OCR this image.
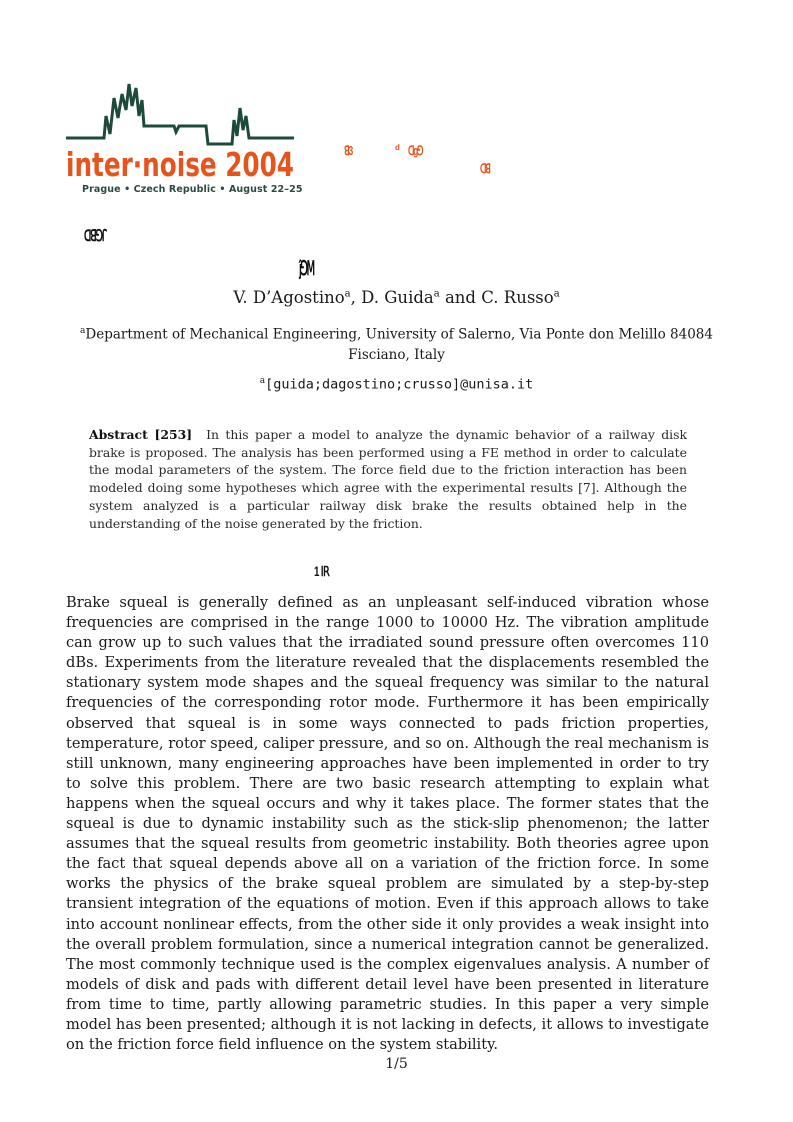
inter·noise 2004
Prague • Czech Republic • August 22–25
ꓭ3	d ꓷɡꓨ
ꓷꓭ
ꓷꓭꓨꓩ
ĵꓨꓟ
V. D’Agostino$^a$, D. Guida$^a$ and C. Russo$^a$
$^a$Department of Mechanical Engineering, University of Salerno, Via Ponte don Melillo 84084 Fisciano, Italy
$^a$[guida;dagostino;crusso]@unisa.it
Abstract [253] In this paper a model to analyze the dynamic behavior of a railway disk brake is proposed. The analysis has been performed using a FE method in order to calculate the modal parameters of the system. The force field due to the friction interaction has been modeled doing some hypotheses which agree with the experimental results [7]. Although the system analyzed is a particular railway disk brake the results obtained help in the understanding of the noise generated by the friction.
1 ꓲꓣ
Brake squeal is generally defined as an unpleasant self-induced vibration whose frequencies are comprised in the range 1000 to 10000 Hz. The vibration amplitude can grow up to such values that the irradiated sound pressure often overcomes 110 dBs. Experiments from the literature revealed that the displacements resembled the stationary system mode shapes and the squeal frequency was similar to the natural frequencies of the corresponding rotor mode. Furthermore it has been empirically observed that squeal is in some ways connected to pads friction properties, temperature, rotor speed, caliper pressure, and so on. Although the real mechanism is still unknown, many engineering approaches have been implemented in order to try to solve this problem. There are two basic research attempting to explain what happens when the squeal occurs and why it takes place. The former states that the squeal is due to dynamic instability such as the stick-slip phenomenon; the latter assumes that the squeal results from geometric instability. Both theories agree upon the fact that squeal depends above all on a variation of the friction force. In some works the physics of the brake squeal problem are simulated by a step-by-step transient integration of the equations of motion. Even if this approach allows to take into account nonlinear effects, from the other side it only provides a weak insight into the overall problem formulation, since a numerical integration cannot be generalized. The most commonly technique used is the complex eigenvalues analysis. A number of models of disk and pads with different detail level have been presented in literature from time to time, partly allowing parametric studies. In this paper a very simple model has been presented; although it is not lacking in defects, it allows to investigate on the friction force field influence on the system stability.
1/5
